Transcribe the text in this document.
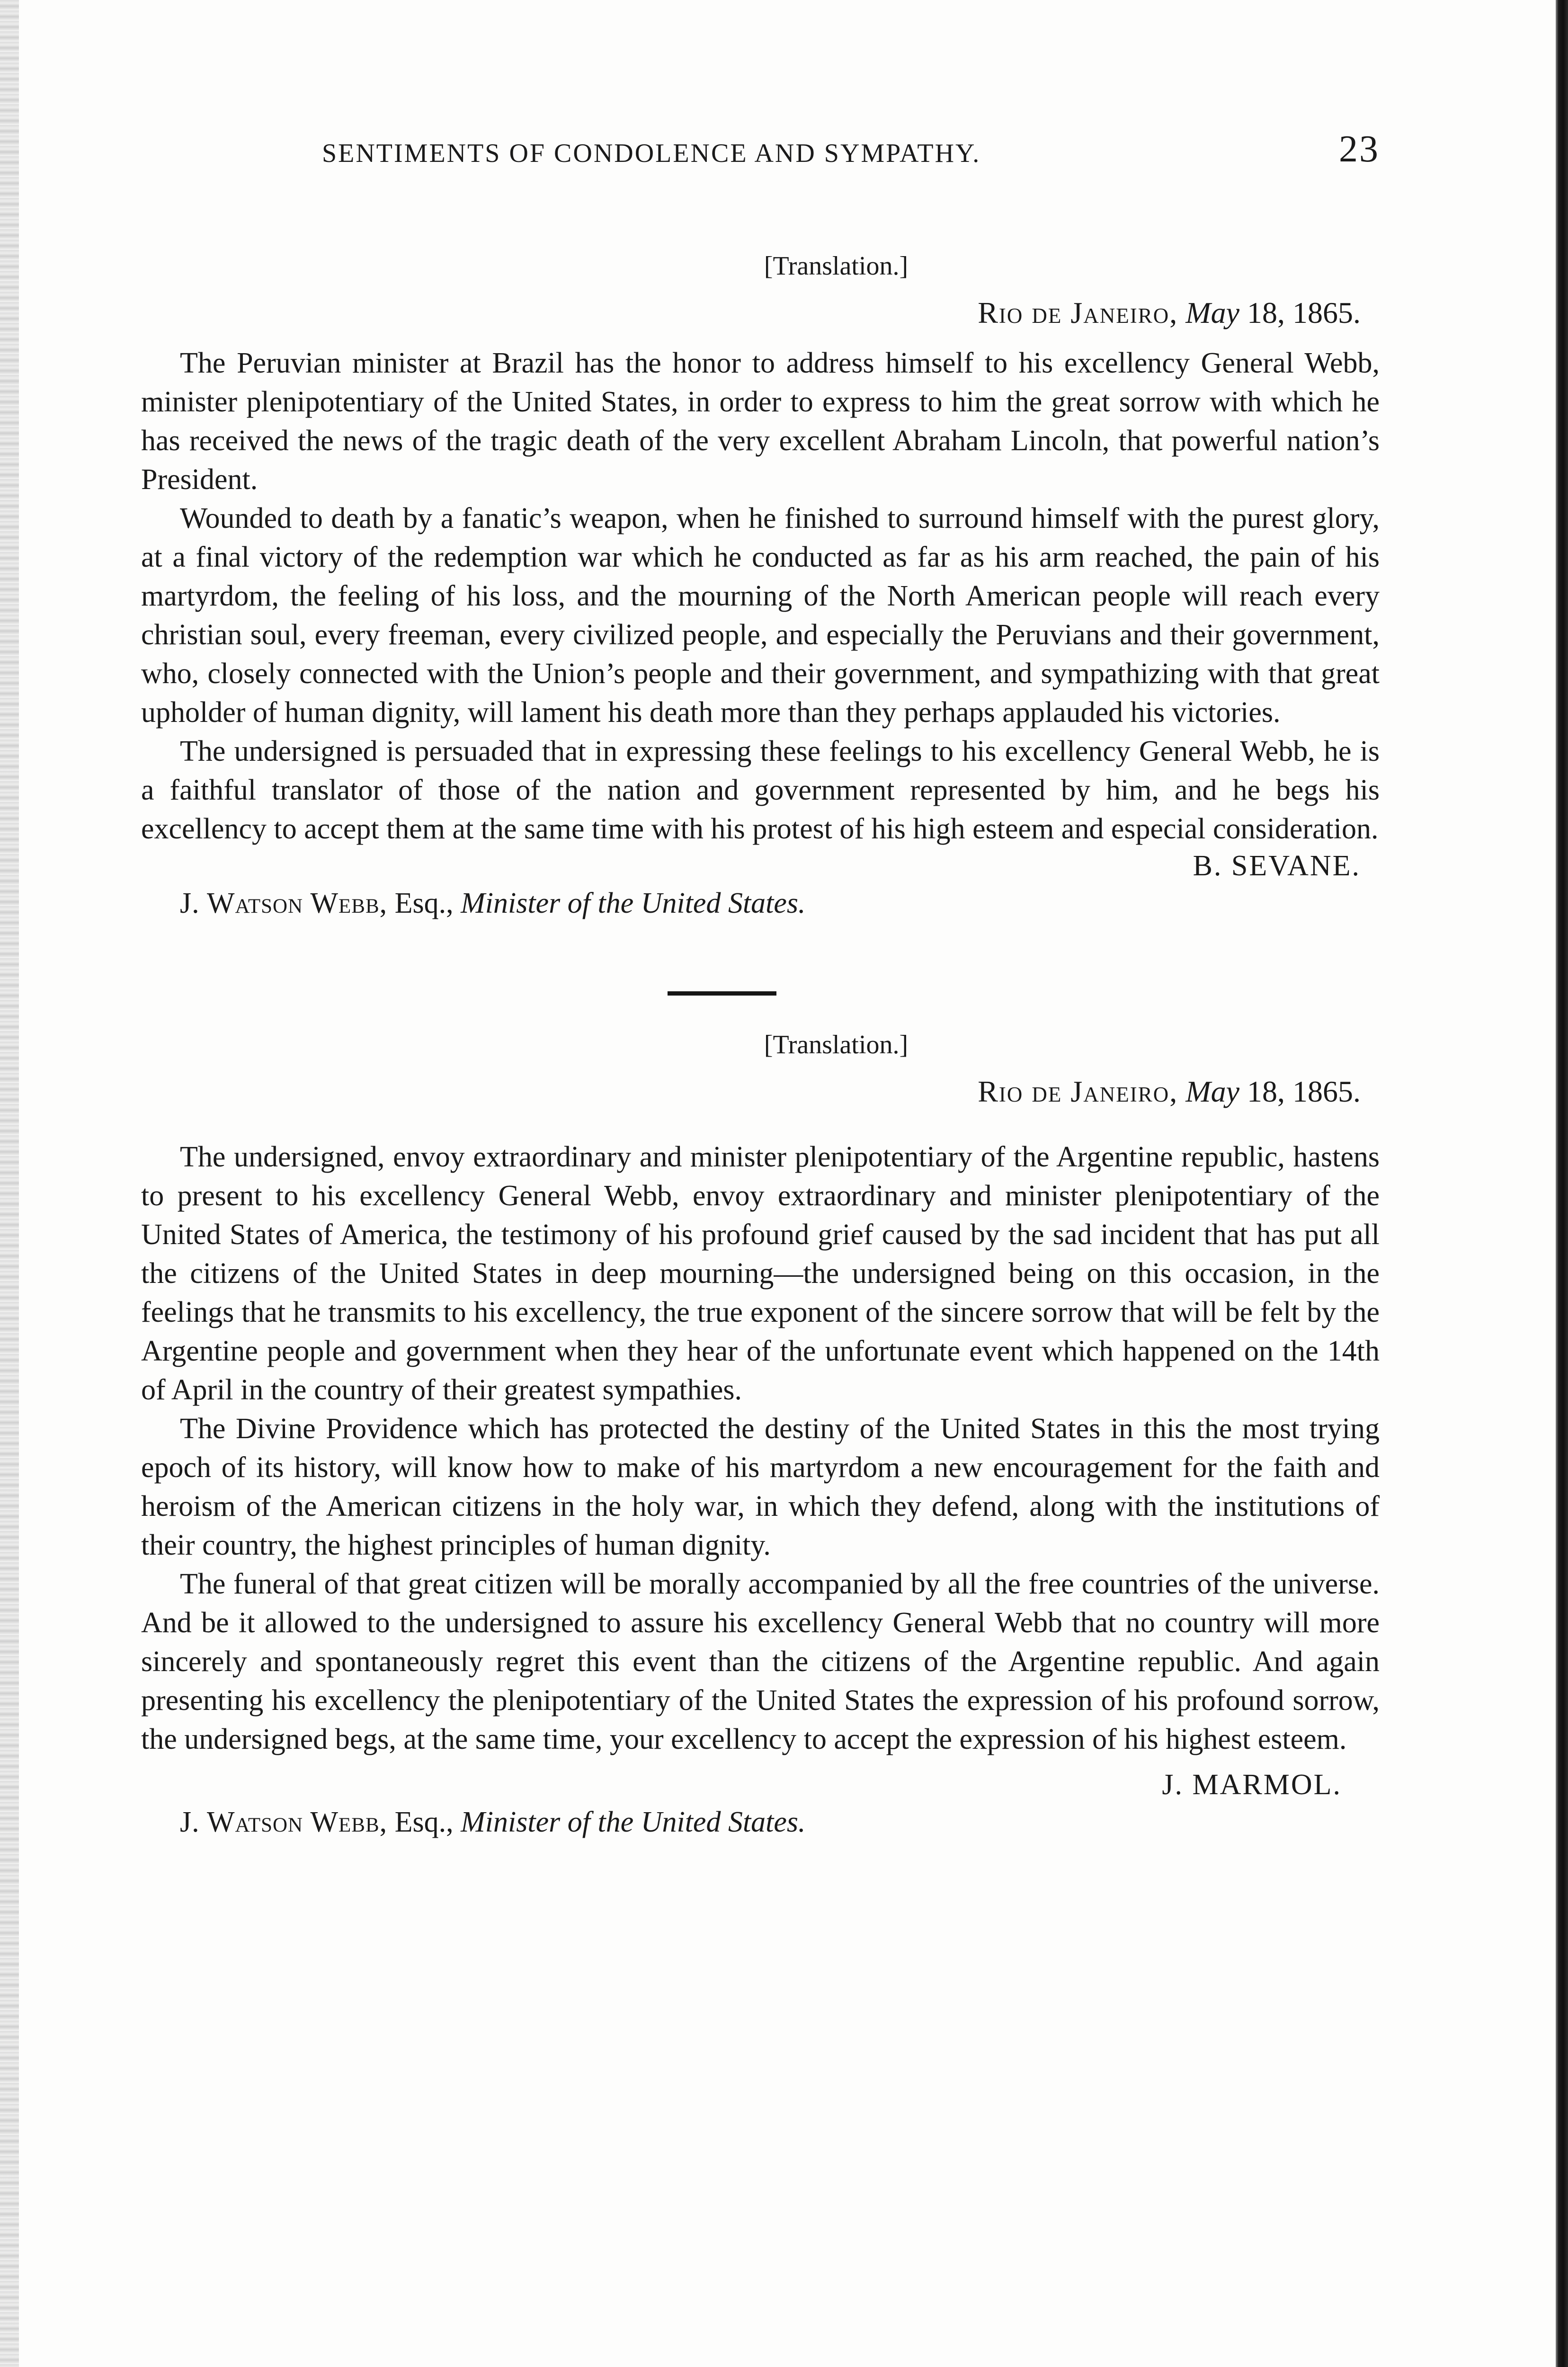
SENTIMENTS OF CONDOLENCE AND SYMPATHY.	23
[Translation.]
Rio de Janeiro, May 18, 1865.

The Peruvian minister at Brazil has the honor to address himself to his excellency General Webb, minister plenipotentiary of the United States, in order to express to him the great sorrow with which he has received the news of the tragic death of the very excellent Abraham Lincoln, that powerful nation’s President.

Wounded to death by a fanatic’s weapon, when he finished to surround himself with the purest glory, at a final victory of the redemption war which he conducted as far as his arm reached, the pain of his martyrdom, the feeling of his loss, and the mourning of the North American people will reach every christian soul, every freeman, every civilized people, and especially the Peruvians and their government, who, closely connected with the Union’s people and their government, and sympathizing with that great upholder of human dignity, will lament his death more than they perhaps applauded his victories.

The undersigned is persuaded that in expressing these feelings to his excellency General Webb, he is a faithful translator of those of the nation and government represented by him, and he begs his excellency to accept them at the same time with his protest of his high esteem and especial consideration.

B. SEVANE.
J. Watson Webb, Esq., Minister of the United States.
[Translation.]
Rio de Janeiro, May 18, 1865.

The undersigned, envoy extraordinary and minister plenipotentiary of the Argentine republic, hastens to present to his excellency General Webb, envoy extraordinary and minister plenipotentiary of the United States of America, the testimony of his profound grief caused by the sad incident that has put all the citizens of the United States in deep mourning—the undersigned being on this occasion, in the feelings that he transmits to his excellency, the true exponent of the sincere sorrow that will be felt by the Argentine people and government when they hear of the unfortunate event which happened on the 14th of April in the country of their greatest sympathies.

The Divine Providence which has protected the destiny of the United States in this the most trying epoch of its history, will know how to make of his martyrdom a new encouragement for the faith and heroism of the American citizens in the holy war, in which they defend, along with the institutions of their country, the highest principles of human dignity.

The funeral of that great citizen will be morally accompanied by all the free countries of the universe. And be it allowed to the undersigned to assure his excellency General Webb that no country will more sincerely and spontaneously regret this event than the citizens of the Argentine republic. And again presenting his excellency the plenipotentiary of the United States the expression of his profound sorrow, the undersigned begs, at the same time, your excellency to accept the expression of his highest esteem.

J. MARMOL.
J. Watson Webb, Esq., Minister of the United States.
